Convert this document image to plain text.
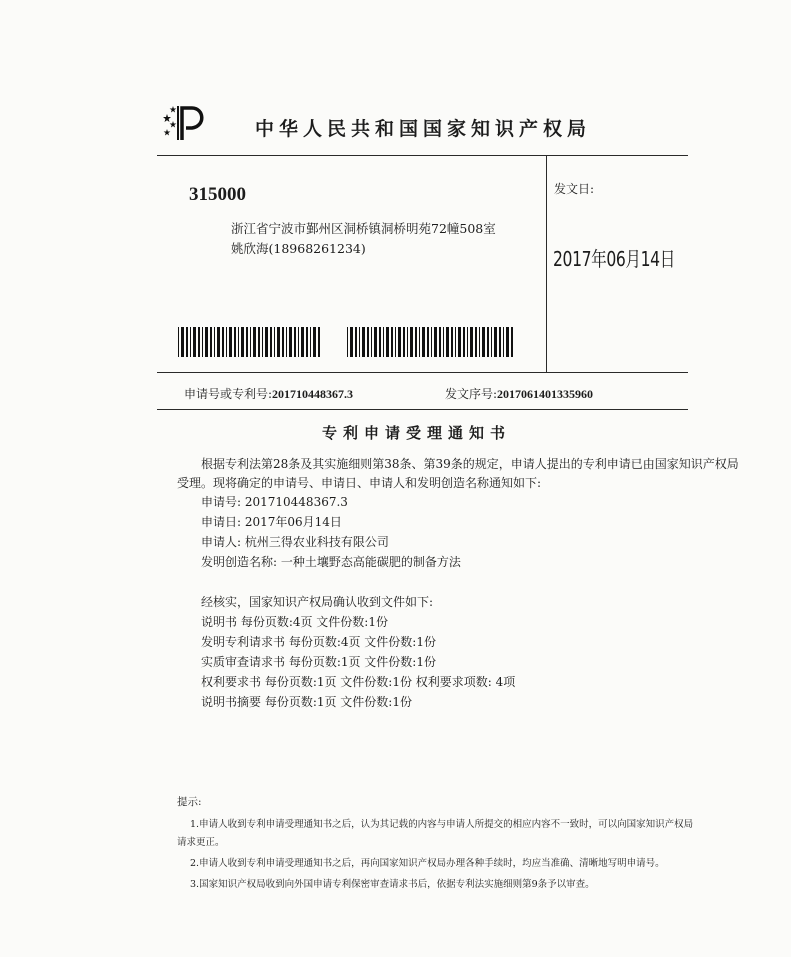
中华人民共和国国家知识产权局
315000
浙江省宁波市鄞州区洞桥镇洞桥明苑72幢508室
姚欣海(18968261234)
发文日:
2017年06月14日
申请号或专利号:201710448367.3	发文序号:2017061401335960
专利申请受理通知书
根据专利法第28条及其实施细则第38条、第39条的规定，申请人提出的专利申请已由国家知识产权局
受理。现将确定的申请号、申请日、申请人和发明创造名称通知如下:
申请号: 201710448367.3
申请日: 2017年06月14日
申请人: 杭州三得农业科技有限公司
发明创造名称: 一种土壤野态高能碳肥的制备方法
经核实，国家知识产权局确认收到文件如下:
说明书 每份页数:4页 文件份数:1份
发明专利请求书 每份页数:4页 文件份数:1份
实质审查请求书 每份页数:1页 文件份数:1份
权利要求书 每份页数:1页 文件份数:1份 权利要求项数: 4项
说明书摘要 每份页数:1页 文件份数:1份
提示:
1.申请人收到专利申请受理通知书之后，认为其记载的内容与申请人所提交的相应内容不一致时，可以向国家知识产权局
请求更正。
2.申请人收到专利申请受理通知书之后，再向国家知识产权局办理各种手续时，均应当准确、清晰地写明申请号。
3.国家知识产权局收到向外国申请专利保密审查请求书后，依据专利法实施细则第9条予以审查。
